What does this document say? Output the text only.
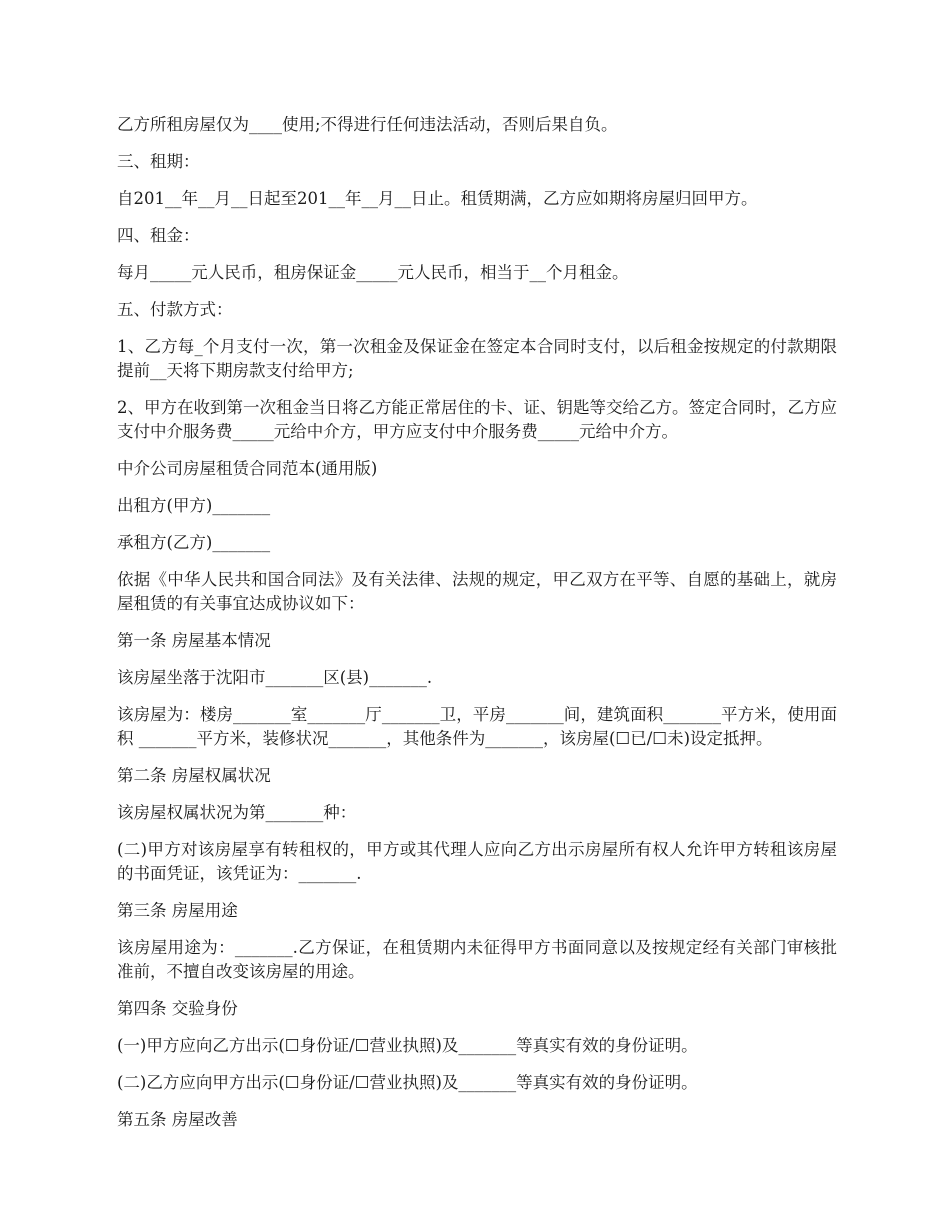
乙方所租房屋仅为____使用;不得进行任何违法活动，否则后果自负。

三、租期：

自201__年__月__日起至201__年__月__日止。租赁期满，乙方应如期将房屋归回甲方。

四、租金：

每月_____元人民币，租房保证金_____元人民币，相当于__个月租金。

五、付款方式：

1、乙方每_个月支付一次，第一次租金及保证金在签定本合同时支付，以后租金按规定的付款期限提前__天将下期房款支付给甲方;

2、甲方在收到第一次租金当日将乙方能正常居住的卡、证、钥匙等交给乙方。签定合同时，乙方应支付中介服务费_____元给中介方，甲方应支付中介服务费_____元给中介方。

中介公司房屋租赁合同范本(通用版)

出租方(甲方)_______

承租方(乙方)_______

依据《中华人民共和国合同法》及有关法律、法规的规定，甲乙双方在平等、自愿的基础上，就房屋租赁的有关事宜达成协议如下：

第一条 房屋基本情况

该房屋坐落于沈阳市_______区(县)_______.

该房屋为：楼房_______室_______厅_______卫，平房_______间，建筑面积_______平方米，使用面积 _______平方米，装修状况_______，其他条件为_______，该房屋(☐已/☐未)设定抵押。

第二条 房屋权属状况

该房屋权属状况为第_______种：

(二)甲方对该房屋享有转租权的，甲方或其代理人应向乙方出示房屋所有权人允许甲方转租该房屋的书面凭证，该凭证为：_______.

第三条 房屋用途

该房屋用途为：_______.乙方保证，在租赁期内未征得甲方书面同意以及按规定经有关部门审核批准前，不擅自改变该房屋的用途。

第四条 交验身份

(一)甲方应向乙方出示(☐身份证/☐营业执照)及_______等真实有效的身份证明。

(二)乙方应向甲方出示(☐身份证/☐营业执照)及_______等真实有效的身份证明。

第五条 房屋改善
